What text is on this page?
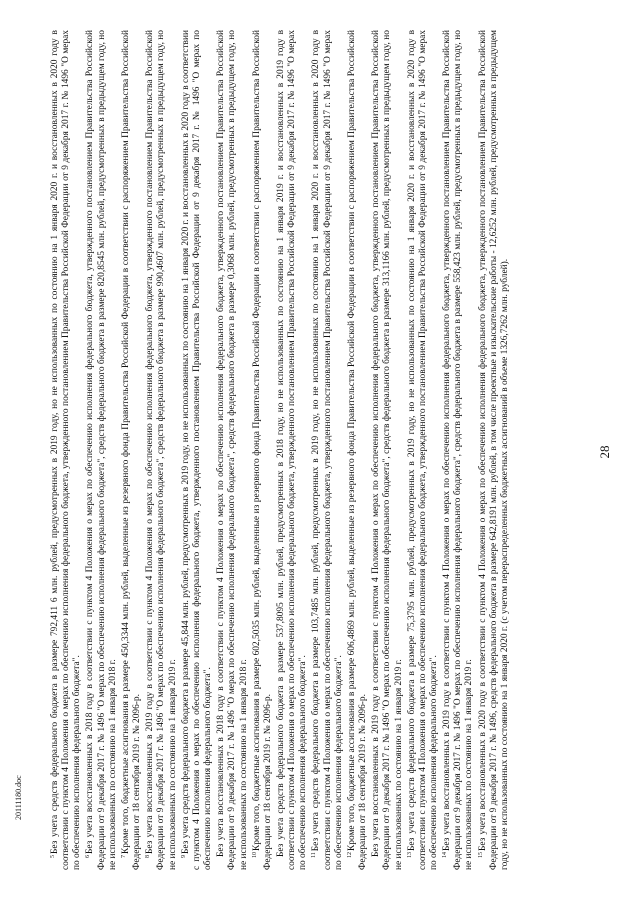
28

$^5$Без учета средств федерального бюджета в размере 792,411 6 млн. рублей, предусмотренных в 2019 году, но не использованных по состоянию на 1 января 2020 г. и восстановленных в 2020 году в соответствии с пунктом 4 Положения о мерах по обеспечению исполнения федерального бюджета, утвержденного постановлением Правительства Российской Федерации от 9 декабря 2017 г. № 1496 "О мерах по обеспечению исполнения федерального бюджета". $^6$Без учета восстановленных в 2018 году в соответствии с пунктом 4 Положения о мерах по обеспечению исполнения федерального бюджета, утвержденного постановлением Правительства Российской Федерации от 9 декабря 2017 г. № 1496 "О мерах по обеспечению исполнения федерального бюджета", средств федерального бюджета в размере 820,8545 млн. рублей, предусмотренных в предыдущем году, но не использованных по состоянию на 1 января 2018 г. $^7$Кроме того, бюджетные ассигнования в размере 450,3344 млн. рублей, выделенные из резервного фонда Правительства Российской Федерации в соответствии с распоряжением Правительства Российской Федерации от 18 сентября 2019 г. № 2096-р. $^8$Без учета восстановленных в 2019 году в соответствии с пунктом 4 Положения о мерах по обеспечению исполнения федерального бюджета, утвержденного постановлением Правительства Российской Федерации от 9 декабря 2017 г. № 1496 "О мерах по обеспечению исполнения федерального бюджета", средств федерального бюджета в размере 990,4607 млн. рублей, предусмотренных в предыдущем году, но не использованных по состоянию на 1 января 2019 г. $^9$Без учета средств федерального бюджета в размере 45,844 млн. рублей, предусмотренных в 2019 году, но не использованных по состоянию на 1 января 2020 г. и восстановленных в 2020 году в соответствии с пунктом 4 Положения о мерах по обеспечению исполнения федерального бюджета, утвержденного постановлением Правительства Российской Федерации от 9 декабря 2017 г. № 1496 "О мерах по обеспечению исполнения федерального бюджета". Без учета восстановленных в 2018 году в соответствии с пунктом 4 Положения о мерах по обеспечению исполнения федерального бюджета, утвержденного постановлением Правительства Российской Федерации от 9 декабря 2017 г. № 1496 "О мерах по обеспечению исполнения федерального бюджета", средств федерального бюджета в размере 0,3068 млн. рублей, предусмотренных в предыдущем году, но не использованных по состоянию на 1 января 2018 г. $^{10}$Кроме того, бюджетные ассигнования в размере 602,5035 млн. рублей, выделенные из резервного фонда Правительства Российской Федерации в соответствии с распоряжением Правительства Российской Федерации от 18 сентября 2019 г. № 2096-р. Без учета средств федерального бюджета в размере 537,8095 млн. рублей, предусмотренных в 2018 году, но не использованных по состоянию на 1 января 2019 г. и восстановленных в 2019 году в соответствии с пунктом 4 Положения о мерах по обеспечению исполнения федерального бюджета, утвержденного постановлением Правительства Российской Федерации от 9 декабря 2017 г. № 1496 "О мерах по обеспечению исполнения федерального бюджета". $^{11}$Без учета средств федерального бюджета в размере 103,7485 млн. рублей, предусмотренных в 2019 году, но не использованных по состоянию на 1 января 2020 г. и восстановленных в 2020 году в соответствии с пунктом 4 Положения о мерах по обеспечению исполнения федерального бюджета, утвержденного постановлением Правительства Российской Федерации от 9 декабря 2017 г. № 1496 "О мерах по обеспечению исполнения федерального бюджета". $^{12}$Кроме того, бюджетные ассигнования в размере 606,4869 млн. рублей, выделенные из резервного фонда Правительства Российской Федерации в соответствии с распоряжением Правительства Российской Федерации от 18 сентября 2019 г. № 2096-р. Без учета восстановленных в 2019 году в соответствии с пунктом 4 Положения о мерах по обеспечению исполнения федерального бюджета, утвержденного постановлением Правительства Российской Федерации от 9 декабря 2017 г. № 1496 "О мерах по обеспечению исполнения федерального бюджета", средств федерального бюджета в размере 313,1166 млн. рублей, предусмотренных в предыдущем году, но не использованных по состоянию на 1 января 2019 г. $^{13}$Без учета средств федерального бюджета в размере 75,3795 млн. рублей, предусмотренных в 2019 году, но не использованных по состоянию на 1 января 2020 г. и восстановленных в 2020 году в соответствии с пунктом 4 Положения о мерах по обеспечению исполнения федерального бюджета, утвержденного постановлением Правительства Российской Федерации от 9 декабря 2017 г. № 1496 "О мерах по обеспечению исполнения федерального бюджета". $^{14}$Без учета восстановленных в 2019 году в соответствии с пунктом 4 Положения о мерах по обеспечению исполнения федерального бюджета, утвержденного постановлением Правительства Российской Федерации от 9 декабря 2017 г. № 1496 "О мерах по обеспечению исполнения федерального бюджета", средств федерального бюджета в размере 558,423 млн. рублей, предусмотренных в предыдущем году, но не использованных по состоянию на 1 января 2019 г. $^{15}$Без учета восстановленных в 2020 году в соответствии с пунктом 4 Положения о мерах по обеспечению исполнения федерального бюджета, утвержденного постановлением Правительства Российской Федерации от 9 декабря 2017 г. № 1496, средств федерального бюджета в размере 642,8191 млн. рублей, в том числе проектные и изыскательские работы - 12,6252 млн. рублей, предусмотренных в предыдущем году, но не использованных по состоянию на 1 января 2020 г. (с учетом перераспределенных бюджетных ассигнований в объеме 1326,7262 млн. рублей).

20111180.doc
